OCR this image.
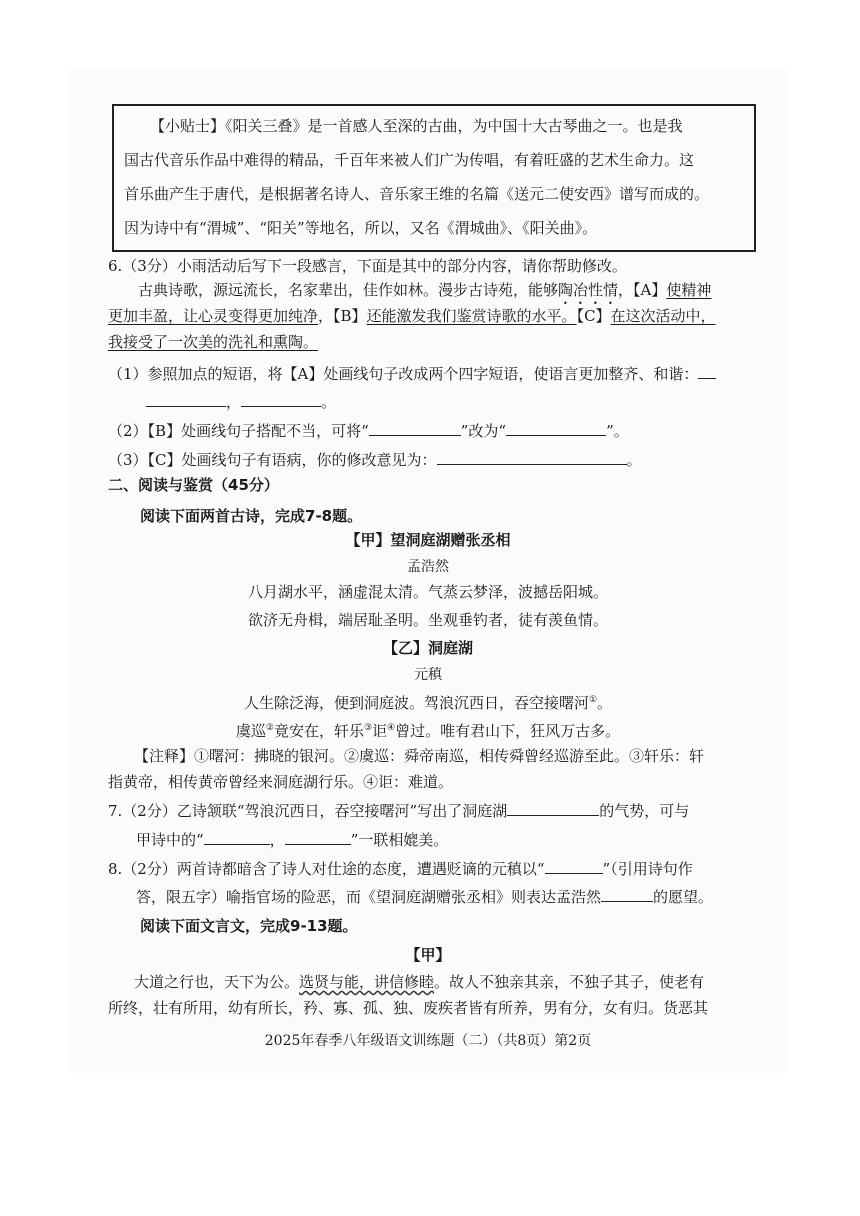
【小贴士】《阳关三叠》是一首感人至深的古曲，为中国十大古琴曲之一。也是我
国古代音乐作品中难得的精品，千百年来被人们广为传唱，有着旺盛的艺术生命力。这
首乐曲产生于唐代，是根据著名诗人、音乐家王维的名篇《送元二使安西》谱写而成的。
因为诗中有“渭城”、“阳关”等地名，所以，又名《渭城曲》、《阳关曲》。
6.（3分）小雨活动后写下一段感言，下面是其中的部分内容，请你帮助修改。
古典诗歌，源远流长，名家辈出，佳作如林。漫步古诗苑，能够陶冶性情，【A】使精神
更加丰盈，让心灵变得更加纯净，【B】还能激发我们鉴赏诗歌的水平。【C】在这次活动中，
我接受了一次美的洗礼和熏陶。
（1）参照加点的短语，将【A】处画线句子改成两个四字短语，使语言更加整齐、和谐：
，	。
（2）【B】处画线句子搭配不当，可将“	”改为“	”。
（3）【C】处画线句子有语病，你的修改意见为：	。
二、阅读与鉴赏（45分）
阅读下面两首古诗，完成7-8题。
【甲】望洞庭湖赠张丞相
孟浩然
八月湖水平，涵虚混太清。气蒸云梦泽，波撼岳阳城。
欲济无舟楫，端居耻圣明。坐观垂钓者，徒有羡鱼情。
【乙】洞庭湖
元稹
人生除泛海，便到洞庭波。驾浪沉西日，吞空接曙河①。
虞巡②竟安在，轩乐③讵④曾过。唯有君山下，狂风万古多。
【注释】①曙河：拂晓的银河。②虞巡：舜帝南巡，相传舜曾经巡游至此。③轩乐：轩
指黄帝，相传黄帝曾经来洞庭湖行乐。④讵：难道。
7.（2分）乙诗颔联“驾浪沉西日，吞空接曙河”写出了洞庭湖	的气势，可与
甲诗中的“	，	”一联相媲美。
8.（2分）两首诗都暗含了诗人对仕途的态度，遭遇贬谪的元稹以“	”（引用诗句作
答，限五字）喻指官场的险恶，而《望洞庭湖赠张丞相》则表达孟浩然	的愿望。
阅读下面文言文，完成9-13题。
【甲】
大道之行也，天下为公。选贤与能，讲信修睦。故人不独亲其亲，不独子其子，使老有
所终，壮有所用，幼有所长，矜、寡、孤、独、废疾者皆有所养，男有分，女有归。货恶其
2025年春季八年级语文训练题（二）（共8页）第2页
